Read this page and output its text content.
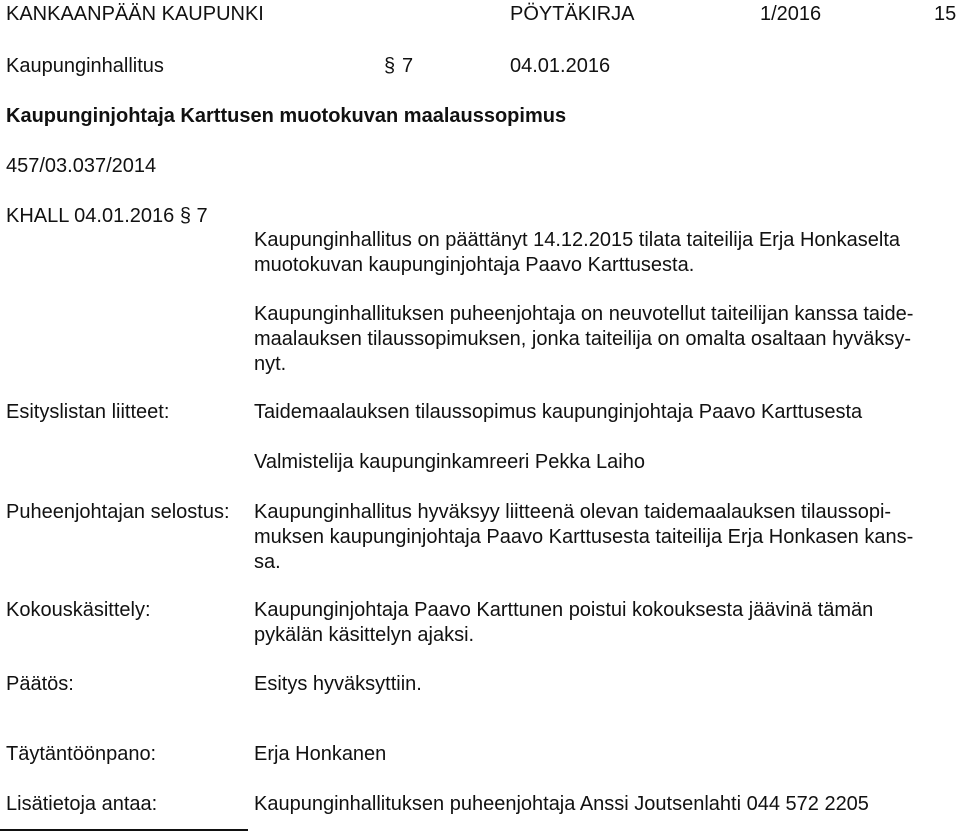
KANKAANPÄÄN KAUPUNKI	PÖYTÄKIRJA	1/2016	15
Kaupunginhallitus	§ 7	04.01.2016
Kaupunginjohtaja Karttusen muotokuvan maalaussopimus
457/03.037/2014
KHALL 04.01.2016 § 7
Kaupunginhallitus on päättänyt 14.12.2015 tilata taiteilija Erja Honkaselta
muotokuvan kaupunginjohtaja Paavo Karttusesta.
Kaupunginhallituksen puheenjohtaja on neuvotellut taiteilijan kanssa taide-
maalauksen tilaussopimuksen, jonka taiteilija on omalta osaltaan hyväksy-
nyt.
Esityslistan liitteet:	Taidemaalauksen tilaussopimus kaupunginjohtaja Paavo Karttusesta
Valmistelija kaupunginkamreeri Pekka Laiho
Puheenjohtajan selostus: Kaupunginhallitus hyväksyy liitteenä olevan taidemaalauksen tilaussopi-
muksen kaupunginjohtaja Paavo Karttusesta taiteilija Erja Honkasen kans-
sa.
Kokouskäsittely:	Kaupunginjohtaja Paavo Karttunen poistui kokouksesta jäävinä tämän
pykälän käsittelyn ajaksi.
Päätös:	Esitys hyväksyttiin.
Täytäntöönpano:	Erja Honkanen
Lisätietoja antaa:	Kaupunginhallituksen puheenjohtaja Anssi Joutsenlahti 044 572 2205
